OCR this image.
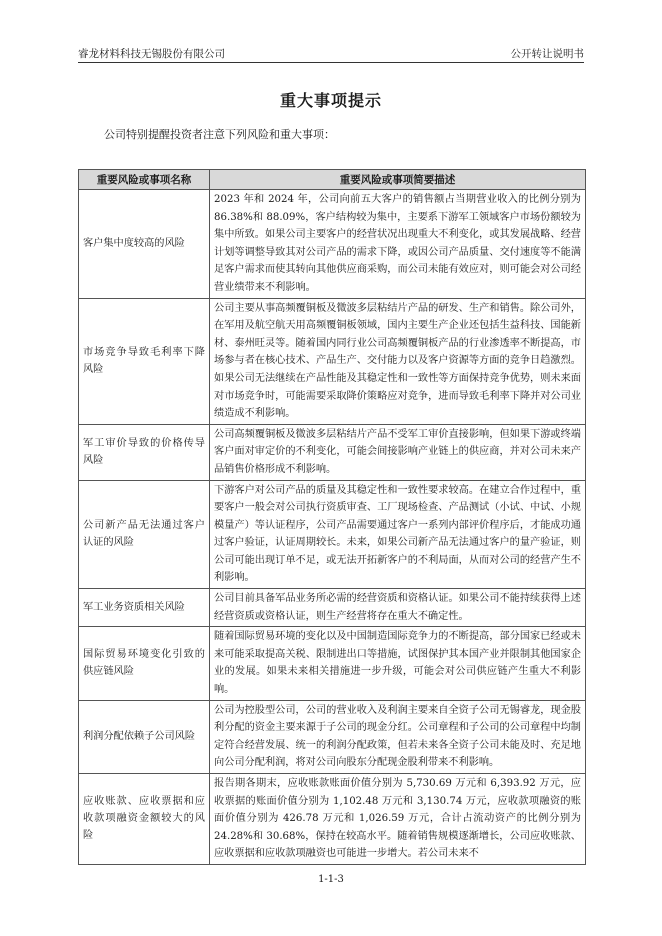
睿龙材料科技无锡股份有限公司	公开转让说明书
重大事项提示
公司特别提醒投资者注意下列风险和重大事项：
重要风险或事项名称	重要风险或事项简要描述
客户集中度较高的风险	2023 年和 2024 年，公司向前五大客户的销售额占当期营业收入的比例分别为 86.38%和 88.09%，客户结构较为集中，主要系下游军工领域客户市场份额较为集中所致。如果公司主要客户的经营状况出现重大不利变化，或其发展战略、经营计划等调整导致其对公司产品的需求下降，或因公司产品质量、交付速度等不能满足客户需求而使其转向其他供应商采购，而公司未能有效应对，则可能会对公司经营业绩带来不利影响。
市场竞争导致毛利率下降风险	公司主要从事高频覆铜板及微波多层粘结片产品的研发、生产和销售。除公司外，在军用及航空航天用高频覆铜板领域，国内主要生产企业还包括生益科技、国能新材、泰州旺灵等。随着国内同行业公司高频覆铜板产品的行业渗透率不断提高，市场参与者在核心技术、产品生产、交付能力以及客户资源等方面的竞争日趋激烈。如果公司无法继续在产品性能及其稳定性和一致性等方面保持竞争优势，则未来面对市场竞争时，可能需要采取降价策略应对竞争，进而导致毛利率下降并对公司业绩造成不利影响。
军工审价导致的价格传导风险	公司高频覆铜板及微波多层粘结片产品不受军工审价直接影响，但如果下游或终端客户面对审定价的不利变化，可能会间接影响产业链上的供应商，并对公司未来产品销售价格形成不利影响。
公司新产品无法通过客户认证的风险	下游客户对公司产品的质量及其稳定性和一致性要求较高。在建立合作过程中，重要客户一般会对公司执行资质审查、工厂现场检查、产品测试（小试、中试、小规模量产）等认证程序，公司产品需要通过客户一系列内部评价程序后，才能成功通过客户验证，认证周期较长。未来，如果公司新产品无法通过客户的量产验证，则公司可能出现订单不足，或无法开拓新客户的不利局面，从而对公司的经营产生不利影响。
军工业务资质相关风险	公司目前具备军品业务所必需的经营资质和资格认证。如果公司不能持续获得上述经营资质或资格认证，则生产经营将存在重大不确定性。
国际贸易环境变化引致的供应链风险	随着国际贸易环境的变化以及中国制造国际竞争力的不断提高，部分国家已经或未来可能采取提高关税、限制进出口等措施，试图保护其本国产业并限制其他国家企业的发展。如果未来相关措施进一步升级，可能会对公司供应链产生重大不利影响。
利润分配依赖子公司风险	公司为控股型公司，公司的营业收入及利润主要来自全资子公司无锡睿龙，现金股利分配的资金主要来源于子公司的现金分红。公司章程和子公司的公司章程中均制定符合经营发展、统一的利润分配政策，但若未来各全资子公司未能及时、充足地向公司分配利润，将对公司向股东分配现金股利带来不利影响。
应收账款、应收票据和应收款项融资金额较大的风险	报告期各期末，应收账款账面价值分别为 5,730.69 万元和 6,393.92 万元，应收票据的账面价值分别为 1,102.48 万元和 3,130.74 万元，应收款项融资的账面价值分别为 426.78 万元和 1,026.59 万元，合计占流动资产的比例分别为 24.28%和 30.68%，保持在较高水平。随着销售规模逐渐增长，公司应收账款、应收票据和应收款项融资也可能进一步增大。若公司未来不
1-1-3
